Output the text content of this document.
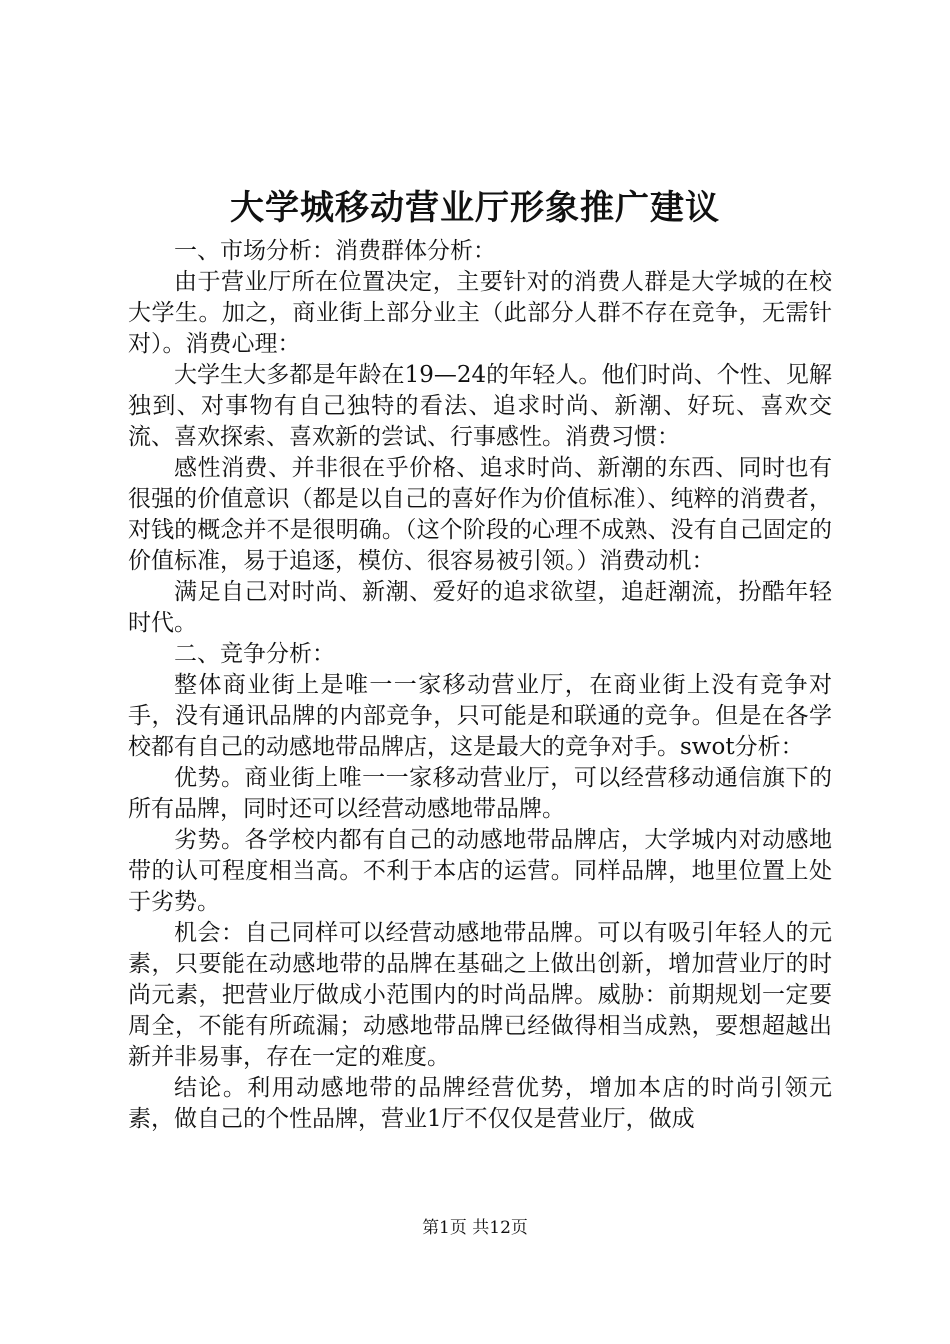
大学城移动营业厅形象推广建议

一、市场分析：消费群体分析：

由于营业厅所在位置决定，主要针对的消费人群是大学城的在校大学生。加之，商业街上部分业主（此部分人群不存在竞争，无需针对）。消费心理：

大学生大多都是年龄在19—24的年轻人。他们时尚、个性、见解独到、对事物有自己独特的看法、追求时尚、新潮、好玩、喜欢交流、喜欢探索、喜欢新的尝试、行事感性。消费习惯：

感性消费、并非很在乎价格、追求时尚、新潮的东西、同时也有很强的价值意识（都是以自己的喜好作为价值标准）、纯粹的消费者，对钱的概念并不是很明确。（这个阶段的心理不成熟、没有自己固定的价值标准，易于追逐，模仿、很容易被引领。）消费动机：

满足自己对时尚、新潮、爱好的追求欲望，追赶潮流，扮酷年轻时代。

二、竞争分析：

整体商业街上是唯一一家移动营业厅，在商业街上没有竞争对手，没有通讯品牌的内部竞争，只可能是和联通的竞争。但是在各学校都有自己的动感地带品牌店，这是最大的竞争对手。swot分析：

优势。商业街上唯一一家移动营业厅，可以经营移动通信旗下的所有品牌，同时还可以经营动感地带品牌。

劣势。各学校内都有自己的动感地带品牌店，大学城内对动感地带的认可程度相当高。不利于本店的运营。同样品牌，地里位置上处于劣势。

机会：自己同样可以经营动感地带品牌。可以有吸引年轻人的元素，只要能在动感地带的品牌在基础之上做出创新，增加营业厅的时尚元素，把营业厅做成小范围内的时尚品牌。威胁：前期规划一定要周全，不能有所疏漏；动感地带品牌已经做得相当成熟，要想超越出新并非易事，存在一定的难度。

结论。利用动感地带的品牌经营优势，增加本店的时尚引领元素，做自己的个性品牌，营业1厅不仅仅是营业厅，做成

第1页 共12页
